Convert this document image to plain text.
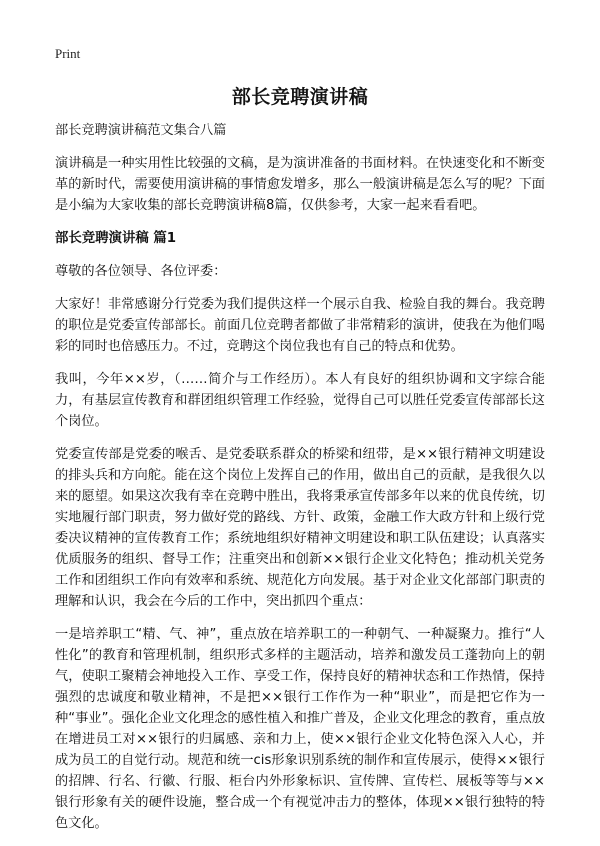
Print
部长竞聘演讲稿

部长竞聘演讲稿范文集合八篇

演讲稿是一种实用性比较强的文稿，是为演讲准备的书面材料。在快速变化和不断变革的新时代，需要使用演讲稿的事情愈发增多，那么一般演讲稿是怎么写的呢？下面是小编为大家收集的部长竞聘演讲稿8篇，仅供参考，大家一起来看看吧。

部长竞聘演讲稿 篇1

尊敬的各位领导、各位评委：

大家好！非常感谢分行党委为我们提供这样一个展示自我、检验自我的舞台。我竞聘的职位是党委宣传部部长。前面几位竞聘者都做了非常精彩的演讲，使我在为他们喝彩的同时也倍感压力。不过，竞聘这个岗位我也有自己的特点和优势。

我叫，今年××岁，（……简介与工作经历）。本人有良好的组织协调和文字综合能力，有基层宣传教育和群团组织管理工作经验，觉得自己可以胜任党委宣传部部长这个岗位。

党委宣传部是党委的喉舌、是党委联系群众的桥梁和纽带，是××银行精神文明建设的排头兵和方向舵。能在这个岗位上发挥自己的作用，做出自己的贡献，是我很久以来的愿望。如果这次我有幸在竞聘中胜出，我将秉承宣传部多年以来的优良传统，切实地履行部门职责，努力做好党的路线、方针、政策，金融工作大政方针和上级行党委决议精神的宣传教育工作；系统地组织好精神文明建设和职工队伍建设；认真落实优质服务的组织、督导工作；注重突出和创新××银行企业文化特色；推动机关党务工作和团组织工作向有效率和系统、规范化方向发展。基于对企业文化部部门职责的理解和认识，我会在今后的工作中，突出抓四个重点：

一是培养职工“精、气、神”，重点放在培养职工的一种朝气、一种凝聚力。推行“人性化”的教育和管理机制，组织形式多样的主题活动，培养和激发员工蓬勃向上的朝气，使职工聚精会神地投入工作、享受工作，保持良好的精神状态和工作热情，保持强烈的忠诚度和敬业精神，不是把××银行工作作为一种“职业”，而是把它作为一种“事业”。强化企业文化理念的感性植入和推广普及，企业文化理念的教育，重点放在增进员工对××银行的归属感、亲和力上，使××银行企业文化特色深入人心，并成为员工的自觉行动。规范和统一cis形象识别系统的制作和宣传展示，使得××银行的招牌、行名、行徽、行服、柜台内外形象标识、宣传牌、宣传栏、展板等等与××银行形象有关的硬件设施，整合成一个有视觉冲击力的整体，体现××银行独特的特色文化。
